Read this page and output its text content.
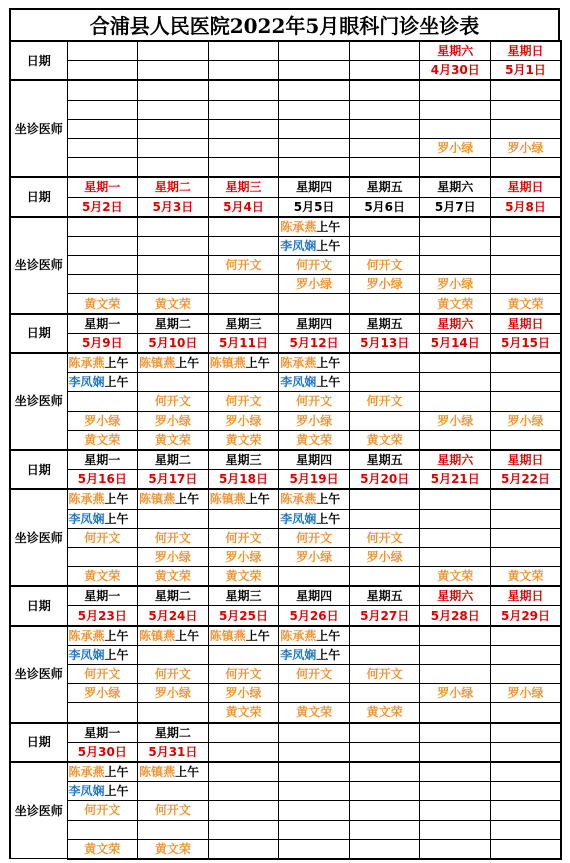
合浦县人民医院2022年5月眼科门诊坐诊表
日期						星期六	星期日
						4月30日	5月1日
坐诊医师							

						罗小绿	罗小绿

日期	星期一	星期二	星期三	星期四	星期五	星期六	星期日
	5月2日	5月3日	5月4日	5月5日	5月6日	5月7日	5月8日
坐诊医师				陈承燕上午			
				李凤娴上午			
			何开文	何开文	何开文		
				罗小绿	罗小绿	罗小绿	
	黄文荣	黄文荣				黄文荣	黄文荣
日期	星期一	星期二	星期三	星期四	星期五	星期六	星期日
	5月9日	5月10日	5月11日	5月12日	5月13日	5月14日	5月15日
坐诊医师	陈承燕上午	陈镇燕上午	陈镇燕上午	陈承燕上午			
	李凤娴上午			李凤娴上午			
		何开文	何开文	何开文	何开文		
	罗小绿	罗小绿	罗小绿	罗小绿		罗小绿	罗小绿
	黄文荣	黄文荣	黄文荣	黄文荣	黄文荣		
日期	星期一	星期二	星期三	星期四	星期五	星期六	星期日
	5月16日	5月17日	5月18日	5月19日	5月20日	5月21日	5月22日
坐诊医师	陈承燕上午	陈镇燕上午	陈镇燕上午	陈承燕上午			
	李凤娴上午			李凤娴上午			
	何开文	何开文	何开文	何开文	何开文		
		罗小绿	罗小绿	罗小绿	罗小绿		
	黄文荣	黄文荣	黄文荣			黄文荣	黄文荣
日期	星期一	星期二	星期三	星期四	星期五	星期六	星期日
	5月23日	5月24日	5月25日	5月26日	5月27日	5月28日	5月29日
坐诊医师	陈承燕上午	陈镇燕上午	陈镇燕上午	陈承燕上午			
	李凤娴上午			李凤娴上午			
	何开文	何开文	何开文	何开文	何开文		
	罗小绿	罗小绿	罗小绿			罗小绿	罗小绿
			黄文荣	黄文荣	黄文荣		
日期	星期一	星期二					
	5月30日	5月31日					
坐诊医师	陈承燕上午	陈镇燕上午					
	李凤娴上午						
	何开文	何开文					

	黄文荣	黄文荣					
